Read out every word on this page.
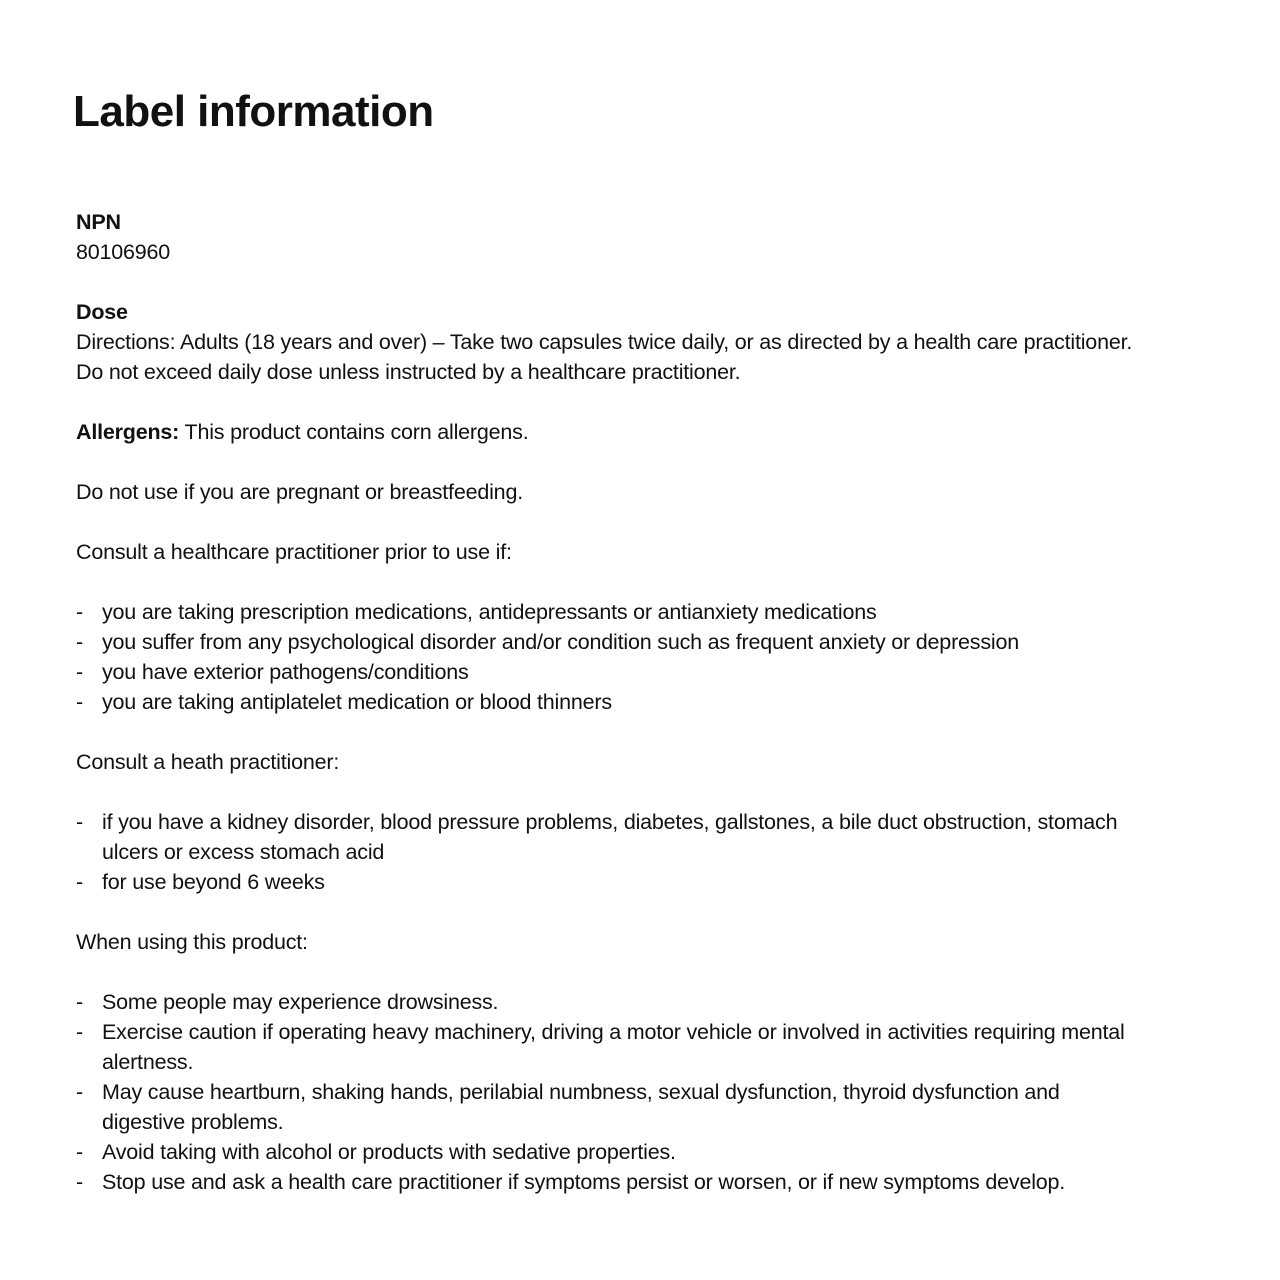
Label information
NPN
80106960
Dose
Directions: Adults (18 years and over) – Take two capsules twice daily, or as directed by a health care practitioner.
Do not exceed daily dose unless instructed by a healthcare practitioner.
Allergens: This product contains corn allergens.
Do not use if you are pregnant or breastfeeding.
Consult a healthcare practitioner prior to use if:
- you are taking prescription medications, antidepressants or antianxiety medications
- you suffer from any psychological disorder and/or condition such as frequent anxiety or depression
- you have exterior pathogens/conditions
- you are taking antiplatelet medication or blood thinners
Consult a heath practitioner:
- if you have a kidney disorder, blood pressure problems, diabetes, gallstones, a bile duct obstruction, stomach ulcers or excess stomach acid
- for use beyond 6 weeks
When using this product:
- Some people may experience drowsiness.
- Exercise caution if operating heavy machinery, driving a motor vehicle or involved in activities requiring mental alertness.
- May cause heartburn, shaking hands, perilabial numbness, sexual dysfunction, thyroid dysfunction and digestive problems.
- Avoid taking with alcohol or products with sedative properties.
- Stop use and ask a health care practitioner if symptoms persist or worsen, or if new symptoms develop.
